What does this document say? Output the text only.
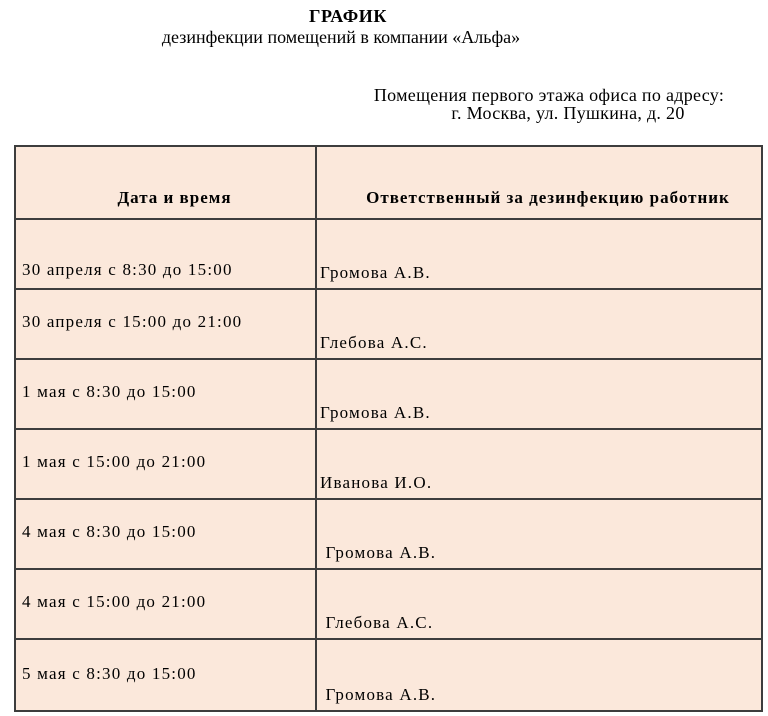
ГРАФИК
дезинфекции помещений в компании «Альфа»
Помещения первого этажа офиса по адресу:
г. Москва, ул. Пушкина, д. 20
Дата и время	Ответственный за дезинфекцию работник
30 апреля с 8:30 до 15:00	Громова А.В.
30 апреля с 15:00 до 21:00	Глебова А.С.
1 мая с 8:30 до 15:00	Громова А.В.
1 мая с 15:00 до 21:00	Иванова И.О.
4 мая с 8:30 до 15:00	Громова А.В.
4 мая с 15:00 до 21:00	Глебова А.С.
5 мая с 8:30 до 15:00	Громова А.В.
